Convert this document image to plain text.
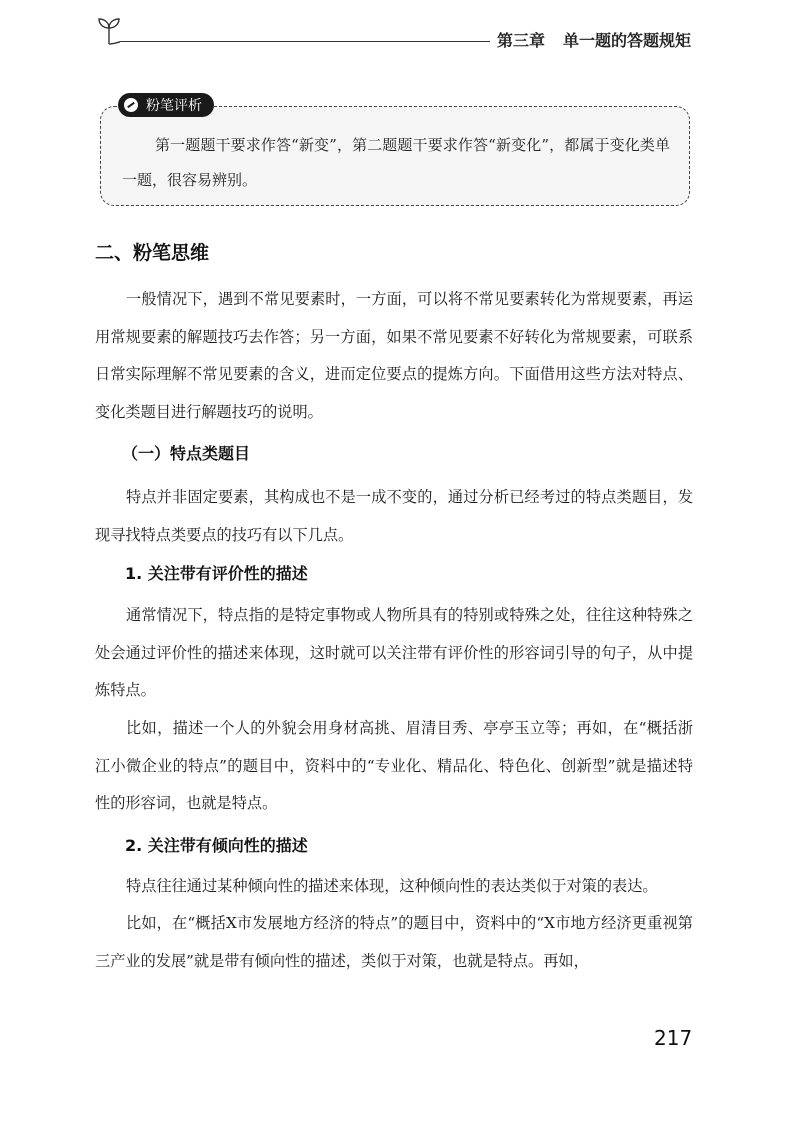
第三章 单一题的答题规矩
粉笔评析

第一题题干要求作答“新变”，第二题题干要求作答“新变化”，都属于变化类单一题，很容易辨别。

二、粉笔思维

一般情况下，遇到不常见要素时，一方面，可以将不常见要素转化为常规要素，再运用常规要素的解题技巧去作答；另一方面，如果不常见要素不好转化为常规要素，可联系日常实际理解不常见要素的含义，进而定位要点的提炼方向。下面借用这些方法对特点、变化类题目进行解题技巧的说明。

（一）特点类题目

特点并非固定要素，其构成也不是一成不变的，通过分析已经考过的特点类题目，发现寻找特点类要点的技巧有以下几点。

1. 关注带有评价性的描述

通常情况下，特点指的是特定事物或人物所具有的特别或特殊之处，往往这种特殊之处会通过评价性的描述来体现，这时就可以关注带有评价性的形容词引导的句子，从中提炼特点。

比如，描述一个人的外貌会用身材高挑、眉清目秀、亭亭玉立等；再如，在“概括浙江小微企业的特点”的题目中，资料中的“专业化、精品化、特色化、创新型”就是描述特性的形容词，也就是特点。

2. 关注带有倾向性的描述

特点往往通过某种倾向性的描述来体现，这种倾向性的表达类似于对策的表达。

比如，在“概括X市发展地方经济的特点”的题目中，资料中的“X市地方经济更重视第三产业的发展”就是带有倾向性的描述，类似于对策，也就是特点。再如，

217
